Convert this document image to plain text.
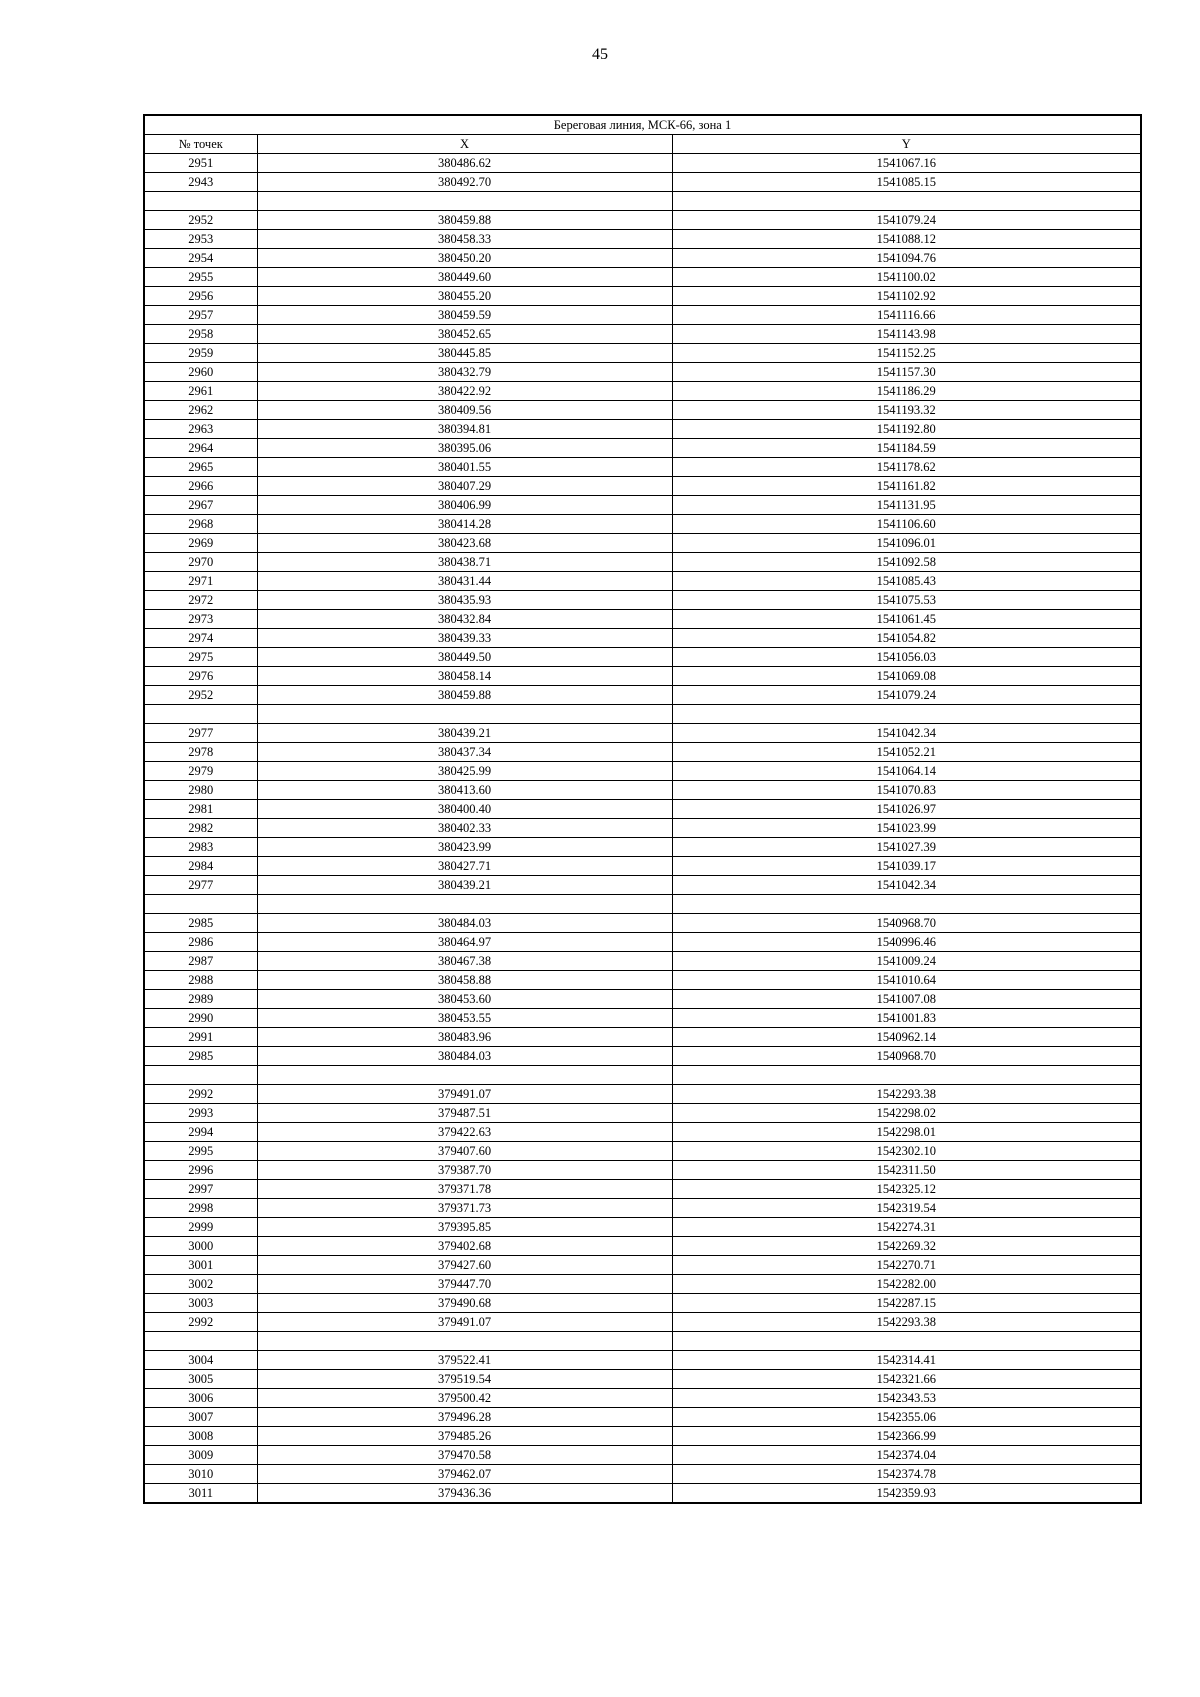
45
Береговая линия, МСК-66, зона 1		
№ точек	X	Y
2951	380486.62	1541067.16
2943	380492.70	1541085.15

2952	380459.88	1541079.24
2953	380458.33	1541088.12
2954	380450.20	1541094.76
2955	380449.60	1541100.02
2956	380455.20	1541102.92
2957	380459.59	1541116.66
2958	380452.65	1541143.98
2959	380445.85	1541152.25
2960	380432.79	1541157.30
2961	380422.92	1541186.29
2962	380409.56	1541193.32
2963	380394.81	1541192.80
2964	380395.06	1541184.59
2965	380401.55	1541178.62
2966	380407.29	1541161.82
2967	380406.99	1541131.95
2968	380414.28	1541106.60
2969	380423.68	1541096.01
2970	380438.71	1541092.58
2971	380431.44	1541085.43
2972	380435.93	1541075.53
2973	380432.84	1541061.45
2974	380439.33	1541054.82
2975	380449.50	1541056.03
2976	380458.14	1541069.08
2952	380459.88	1541079.24

2977	380439.21	1541042.34
2978	380437.34	1541052.21
2979	380425.99	1541064.14
2980	380413.60	1541070.83
2981	380400.40	1541026.97
2982	380402.33	1541023.99
2983	380423.99	1541027.39
2984	380427.71	1541039.17
2977	380439.21	1541042.34

2985	380484.03	1540968.70
2986	380464.97	1540996.46
2987	380467.38	1541009.24
2988	380458.88	1541010.64
2989	380453.60	1541007.08
2990	380453.55	1541001.83
2991	380483.96	1540962.14
2985	380484.03	1540968.70

2992	379491.07	1542293.38
2993	379487.51	1542298.02
2994	379422.63	1542298.01
2995	379407.60	1542302.10
2996	379387.70	1542311.50
2997	379371.78	1542325.12
2998	379371.73	1542319.54
2999	379395.85	1542274.31
3000	379402.68	1542269.32
3001	379427.60	1542270.71
3002	379447.70	1542282.00
3003	379490.68	1542287.15
2992	379491.07	1542293.38

3004	379522.41	1542314.41
3005	379519.54	1542321.66
3006	379500.42	1542343.53
3007	379496.28	1542355.06
3008	379485.26	1542366.99
3009	379470.58	1542374.04
3010	379462.07	1542374.78
3011	379436.36	1542359.93
